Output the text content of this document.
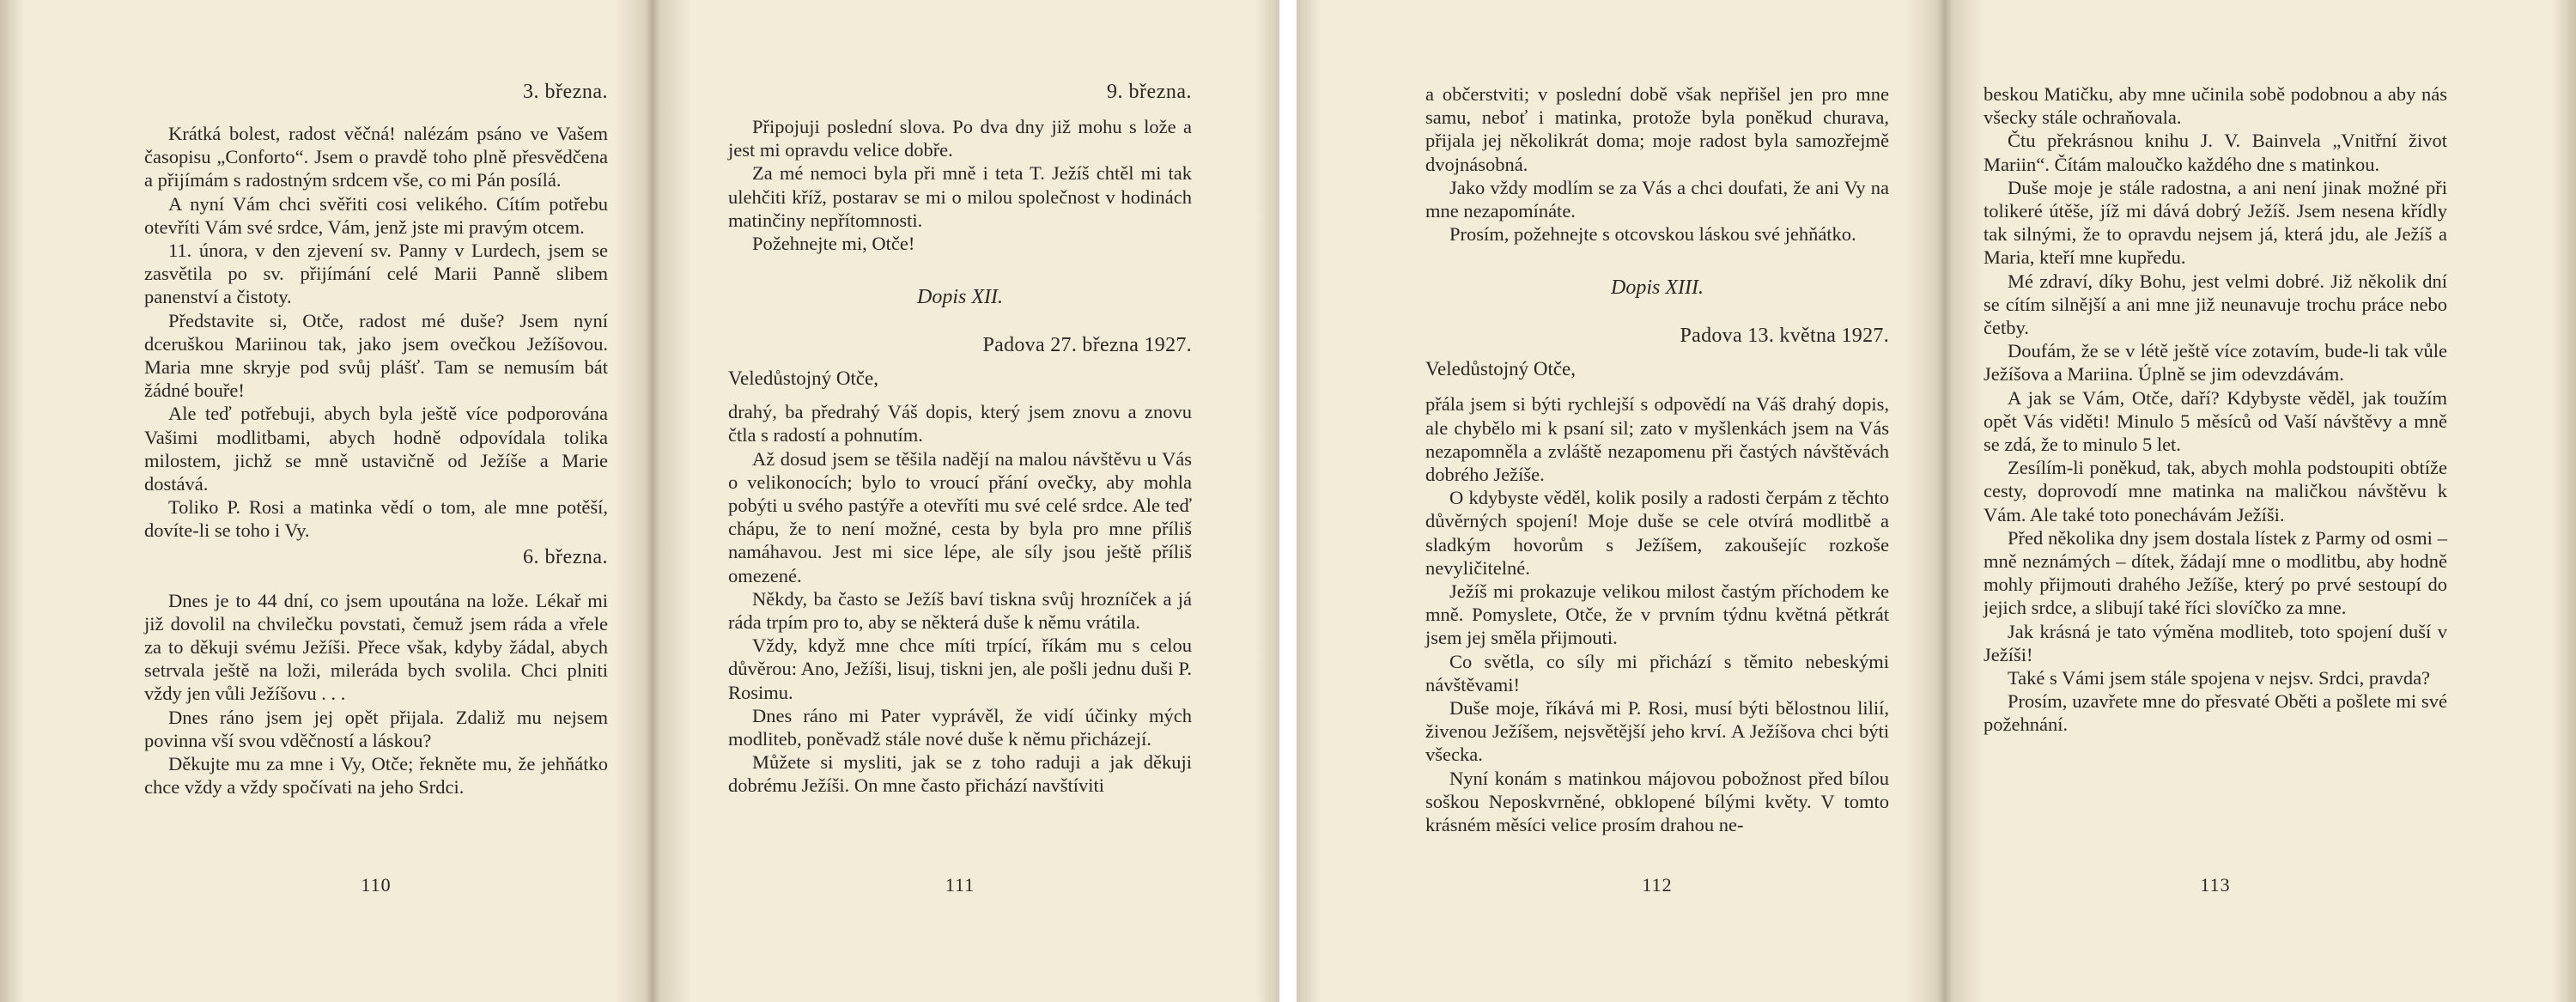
3. března.

Krátká bolest, radost věčná! nalézám psáno ve Vašem časopisu „Conforto“. Jsem o pravdě toho plně přesvědčena a přijímám s radostným srdcem vše, co mi Pán posílá.

A nyní Vám chci svěřiti cosi velikého. Cítím potřebu otevříti Vám své srdce, Vám, jenž jste mi pravým otcem.

11. února, v den zjevení sv. Panny v Lurdech, jsem se zasvětila po sv. přijímání celé Marii Panně slibem panenství a čistoty.

Představite si, Otče, radost mé duše? Jsem nyní dceruškou Mariinou tak, jako jsem ovečkou Ježíšovou. Maria mne skryje pod svůj plášť. Tam se nemusím bát žádné bouře!

Ale teď potřebuji, abych byla ještě více podporována Vašimi modlitbami, abych hodně odpovídala tolika milostem, jichž se mně ustavičně od Ježíše a Marie dostává.

Toliko P. Rosi a matinka vědí o tom, ale mne potěší, dovíte-li se toho i Vy.

6. března.

Dnes je to 44 dní, co jsem upoutána na lože. Lékař mi již dovolil na chvilečku povstati, čemuž jsem ráda a vřele za to děkuji svému Ježíši. Přece však, kdyby žádal, abych setrvala ještě na loži, milerádа bych svolila. Chci plniti vždy jen vůli Ježíšovu . . .

Dnes ráno jsem jej opět přijala. Zdaliž mu nejsem povinna vší svou vděčností a láskou?

Děkujte mu za mne i Vy, Otče; řekněte mu, že jehňátko chce vždy a vždy spočívati na jeho Srdci.

110

9. března.

Připojuji poslední slova. Po dva dny již mohu s lože a jest mi opravdu velice dobře.

Za mé nemoci byla při mně i teta T. Ježíš chtěl mi tak ulehčiti kříž, postarav se mi o milou společnost v hodinách matinčiny nepřítomnosti.

Požehnejte mi, Otče!

Dopis XII.

Padova 27. března 1927.

Veledůstojný Otče,

drahý, ba předrahý Váš dopis, který jsem znovu a znovu čtla s radostí a pohnutím.

Až dosud jsem se těšila nadějí na malou návštěvu u Vás o velikonocích; bylo to vroucí přání ovečky, aby mohla pobýti u svého pastýře a otevříti mu své celé srdce. Ale teď chápu, že to není možné, cesta by byla pro mne příliš namáhavou. Jest mi sice lépe, ale síly jsou ještě příliš omezené.

Někdy, ba často se Ježíš baví tiskna svůj hrozníček a já ráda trpím pro to, aby se některá duše k němu vrátila.

Vždy, když mne chce míti trpící, říkám mu s celou důvěrou: Ano, Ježíši, lisuj, tiskni jen, ale pošli jednu duši P. Rosimu.

Dnes ráno mi Pater vyprávěl, že vidí účinky mých modliteb, poněvadž stále nové duše k němu přicházejí.

Můžete si mysliti, jak se z toho raduji a jak děkuji dobrému Ježíši. On mne často přichází navštíviti

111

a občerstviti; v poslední době však nepřišel jen pro mne samu, neboť i matinka, protože byla poněkud churava, přijala jej několikrát doma; moje radost byla samozřejmě dvojnásobná.

Jako vždy modlím se za Vás a chci doufati, že ani Vy na mne nezapomínáte.

Prosím, požehnejte s otcovskou láskou své jehňátko.

Dopis XIII.

Padova 13. května 1927.

Veledůstojný Otče,

přála jsem si býti rychlejší s odpovědí na Váš drahý dopis, ale chybělo mi k psaní sil; zato v myšlenkách jsem na Vás nezapomněla a zvláště nezapomenu při častých návštěvách dobrého Ježíše.

O kdybyste věděl, kolik posily a radosti čerpám z těchto důvěrných spojení! Moje duše se cele otvírá modlitbě a sladkým hovorům s Ježíšem, zakoušejíc rozkoše nevyličitelné.

Ježíš mi prokazuje velikou milost častým příchodem ke mně. Pomyslete, Otče, že v prvním týdnu květná pětkrát jsem jej směla přijmouti.

Co světla, co síly mi přichází s těmito nebeskými návštěvami!

Duše moje, říkává mi P. Rosi, musí býti bělostnou lilií, živenou Ježíšem, nejsvětější jeho krví. A Ježíšova chci býti všecka.

Nyní konám s matinkou májovou pobožnost před bílou soškou Neposkvrněné, obklopené bílými květy. V tomto krásném měsíci velice prosím drahou ne-

112

beskou Matičku, aby mne učinila sobě podobnou a aby nás všecky stále ochraňovala.

Čtu překrásnou knihu J. V. Bainvela „Vnitřní život Mariin“. Čítám maloučko každého dne s matinkou.

Duše moje je stále radostna, a ani není jinak možné při tolikeré útěše, jíž mi dává dobrý Ježíš. Jsem nesena křídly tak silnými, že to opravdu nejsem já, která jdu, ale Ježíš a Maria, kteří mne kupředu.

Mé zdraví, díky Bohu, jest velmi dobré. Již několik dní se cítím silnější a ani mne již neunavuje trochu práce nebo četby.

Doufám, že se v létě ještě více zotavím, bude-li tak vůle Ježíšova a Mariina. Úplně se jim odevzdávám.

A jak se Vám, Otče, daří? Kdybyste věděl, jak toužím opět Vás viděti! Minulo 5 měsíců od Vaší návštěvy a mně se zdá, že to minulo 5 let.

Zesílím-li poněkud, tak, abych mohla podstoupiti obtíže cesty, doprovodí mne matinka na maličkou návštěvu k Vám. Ale také toto ponechávám Ježíši.

Před několika dny jsem dostala lístek z Parmy od osmi – mně neznámých – dítek, žádají mne o modlitbu, aby hodně mohly přijmouti drahého Ježíše, který po prvé sestoupí do jejich srdce, a slibují také říci slovíčko za mne.

Jak krásná je tato výměna modliteb, toto spojení duší v Ježíši!

Také s Vámi jsem stále spojena v nejsv. Srdci, pravda?

Prosím, uzavřete mne do přesvaté Oběti a pošlete mi své požehnání.

113
